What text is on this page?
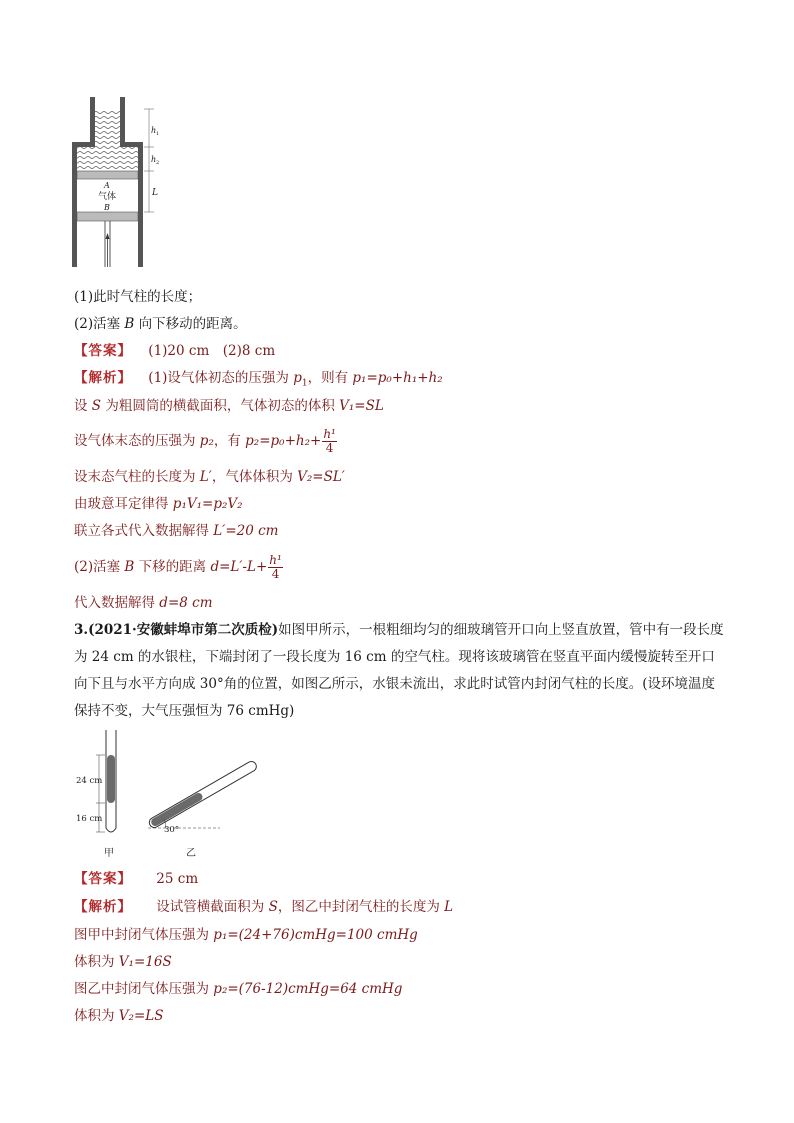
h 1
h 2
L
A
气体
B
(1)此时气柱的长度；
(2)活塞 B 向下移动的距离。
【答案】 (1)20 cm　(2)8 cm
【解析】 (1)设气体初态的压强为 $p_1$，则有 p₁=p₀+h₁+h₂
设 S 为粗圆筒的横截面积，气体初态的体积 V₁=SL
设气体末态的压强为 p₂，有 $p_2=p_0+h_2+ \frac{\text{h¹}}{4}$
设末态气柱的长度为 L′，气体体积为 V₂=SL′
由玻意耳定律得 p₁V₁=p₂V₂
联立各式代入数据解得 L′=20 cm
(2)活塞 B 下移的距离 $d=L'-L+ \frac{\text{h¹}}{4}$
代入数据解得 d=8 cm
3.(2021·安徽蚌埠市第二次质检)如图甲所示，一根粗细均匀的细玻璃管开口向上竖直放置，管中有一段长度为 24 cm 的水银柱，下端封闭了一段长度为 16 cm 的空气柱。现将该玻璃管在竖直平面内缓慢旋转至开口向下且与水平方向成 30°角的位置，如图乙所示，水银未流出，求此时试管内封闭气柱的长度。(设环境温度保持不变，大气压强恒为 76 cmHg)
24 cm
16 cm
30°
甲	乙
【答案】 25 cm
【解析】 设试管横截面积为 S，图乙中封闭气柱的长度为 L
图甲中封闭气体压强为 p₁=(24+76)cmHg=100 cmHg
体积为 V₁=16S
图乙中封闭气体压强为 p₂=(76-12)cmHg=64 cmHg
体积为 V₂=LS
